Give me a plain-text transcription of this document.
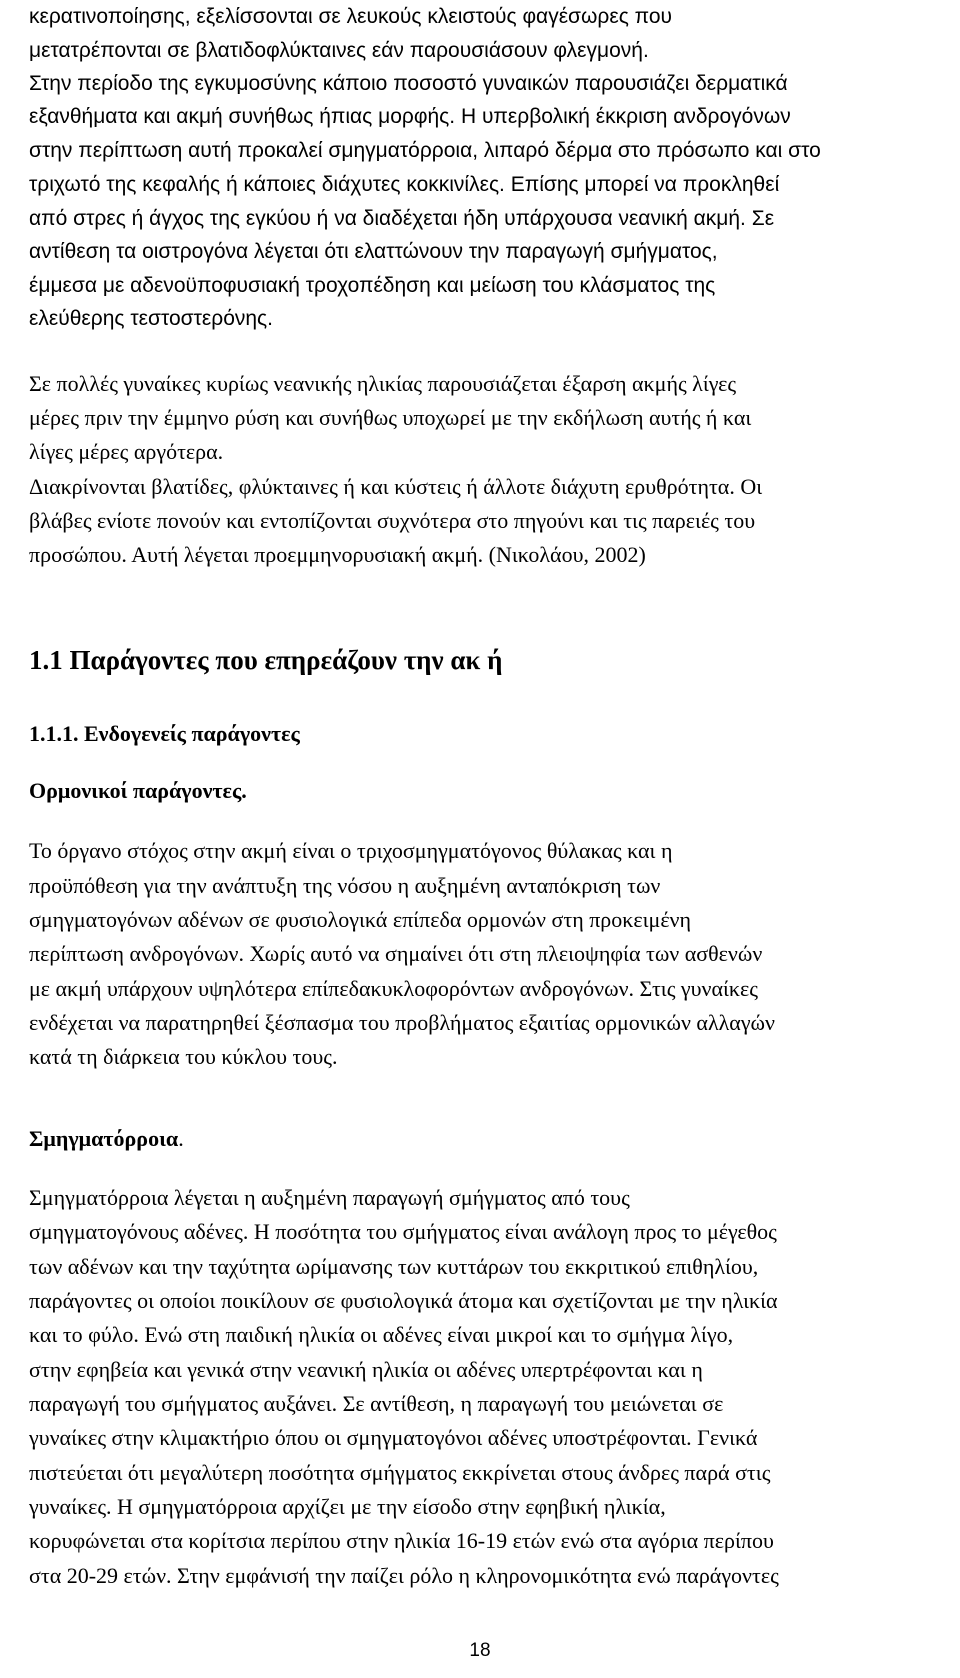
κερατινοποίησης, εξελίσσονται σε λευκούς κλειστούς φαγέσωρες που

μετατρέπονται σε βλατιδοφλύκταινες εάν παρουσιάσουν φλεγμονή.

Στην περίοδο της εγκυμοσύνης κάποιο ποσοστό γυναικών παρουσιάζει δερματικά

εξανθήματα και ακμή συνήθως ήπιας μορφής. Η υπερβολική έκκριση ανδρογόνων

στην περίπτωση αυτή προκαλεί σμηγματόρροια, λιπαρό δέρμα στο πρόσωπο και στο

τριχωτό της κεφαλής ή κάποιες διάχυτες κοκκινίλες. Επίσης μπορεί να προκληθεί

από στρες ή άγχος της εγκύου ή να διαδέχεται ήδη υπάρχουσα νεανική ακμή. Σε

αντίθεση τα οιστρογόνα λέγεται ότι ελαττώνουν την παραγωγή σμήγματος,

έμμεσα με αδενοϋποφυσιακή τροχοπέδηση και μείωση του κλάσματος της

ελεύθερης τεστοστερόνης.

Σε πολλές γυναίκες κυρίως νεανικής ηλικίας παρουσιάζεται έξαρση ακμής λίγες

μέρες πριν την έμμηνο ρύση και συνήθως υποχωρεί με την εκδήλωση αυτής ή και

λίγες μέρες αργότερα.

Διακρίνονται βλατίδες, φλύκταινες ή και κύστεις ή άλλοτε διάχυτη ερυθρότητα. Οι

βλάβες ενίοτε πονούν και εντοπίζονται συχνότερα στο πηγούνι και τις παρειές του

προσώπου. Αυτή λέγεται προεμμηνορυσιακή ακμή. (Νικολάου, 2002)

1.1 Παράγοντες που επηρεάζουν την ακ ή

1.1.1. Ενδογενείς παράγοντες

Ορμονικοί παράγοντες.

Το όργανο στόχος στην ακμή είναι ο τριχοσμηγματόγονος θύλακας και η

προϋπόθεση για την ανάπτυξη της νόσου η αυξημένη ανταπόκριση των

σμηγματογόνων αδένων σε φυσιολογικά επίπεδα ορμονών στη προκειμένη

περίπτωση ανδρογόνων. Χωρίς αυτό να σημαίνει ότι στη πλειοψηφία των ασθενών

με ακμή υπάρχουν υψηλότερα επίπεδακυκλοφορόντων ανδρογόνων. Στις γυναίκες

ενδέχεται να παρατηρηθεί ξέσπασμα του προβλήματος εξαιτίας ορμονικών αλλαγών

κατά τη διάρκεια του κύκλου τους.

Σμηγματόρροια.

Σμηγματόρροια λέγεται η αυξημένη παραγωγή σμήγματος από τους

σμηγματογόνους αδένες. Η ποσότητα του σμήγματος είναι ανάλογη προς το μέγεθος

των αδένων και την ταχύτητα ωρίμανσης των κυττάρων του εκκριτικού επιθηλίου,

παράγοντες οι οποίοι ποικίλουν σε φυσιολογικά άτομα και σχετίζονται με την ηλικία

και το φύλο. Ενώ στη παιδική ηλικία οι αδένες είναι μικροί και το σμήγμα λίγο,

στην εφηβεία και γενικά στην νεανική ηλικία οι αδένες υπερτρέφονται και η

παραγωγή του σμήγματος αυξάνει. Σε αντίθεση, η παραγωγή του μειώνεται σε

γυναίκες στην κλιμακτήριο όπου οι σμηγματογόνοι αδένες υποστρέφονται. Γενικά

πιστεύεται ότι μεγαλύτερη ποσότητα σμήγματος εκκρίνεται στους άνδρες παρά στις

γυναίκες. Η σμηγματόρροια αρχίζει με την είσοδο στην εφηβική ηλικία,

κορυφώνεται στα κορίτσια περίπου στην ηλικία 16-19 ετών ενώ στα αγόρια περίπου

στα 20-29 ετών. Στην εμφάνισή την παίζει ρόλο η κληρονομικότητα ενώ παράγοντες

18
